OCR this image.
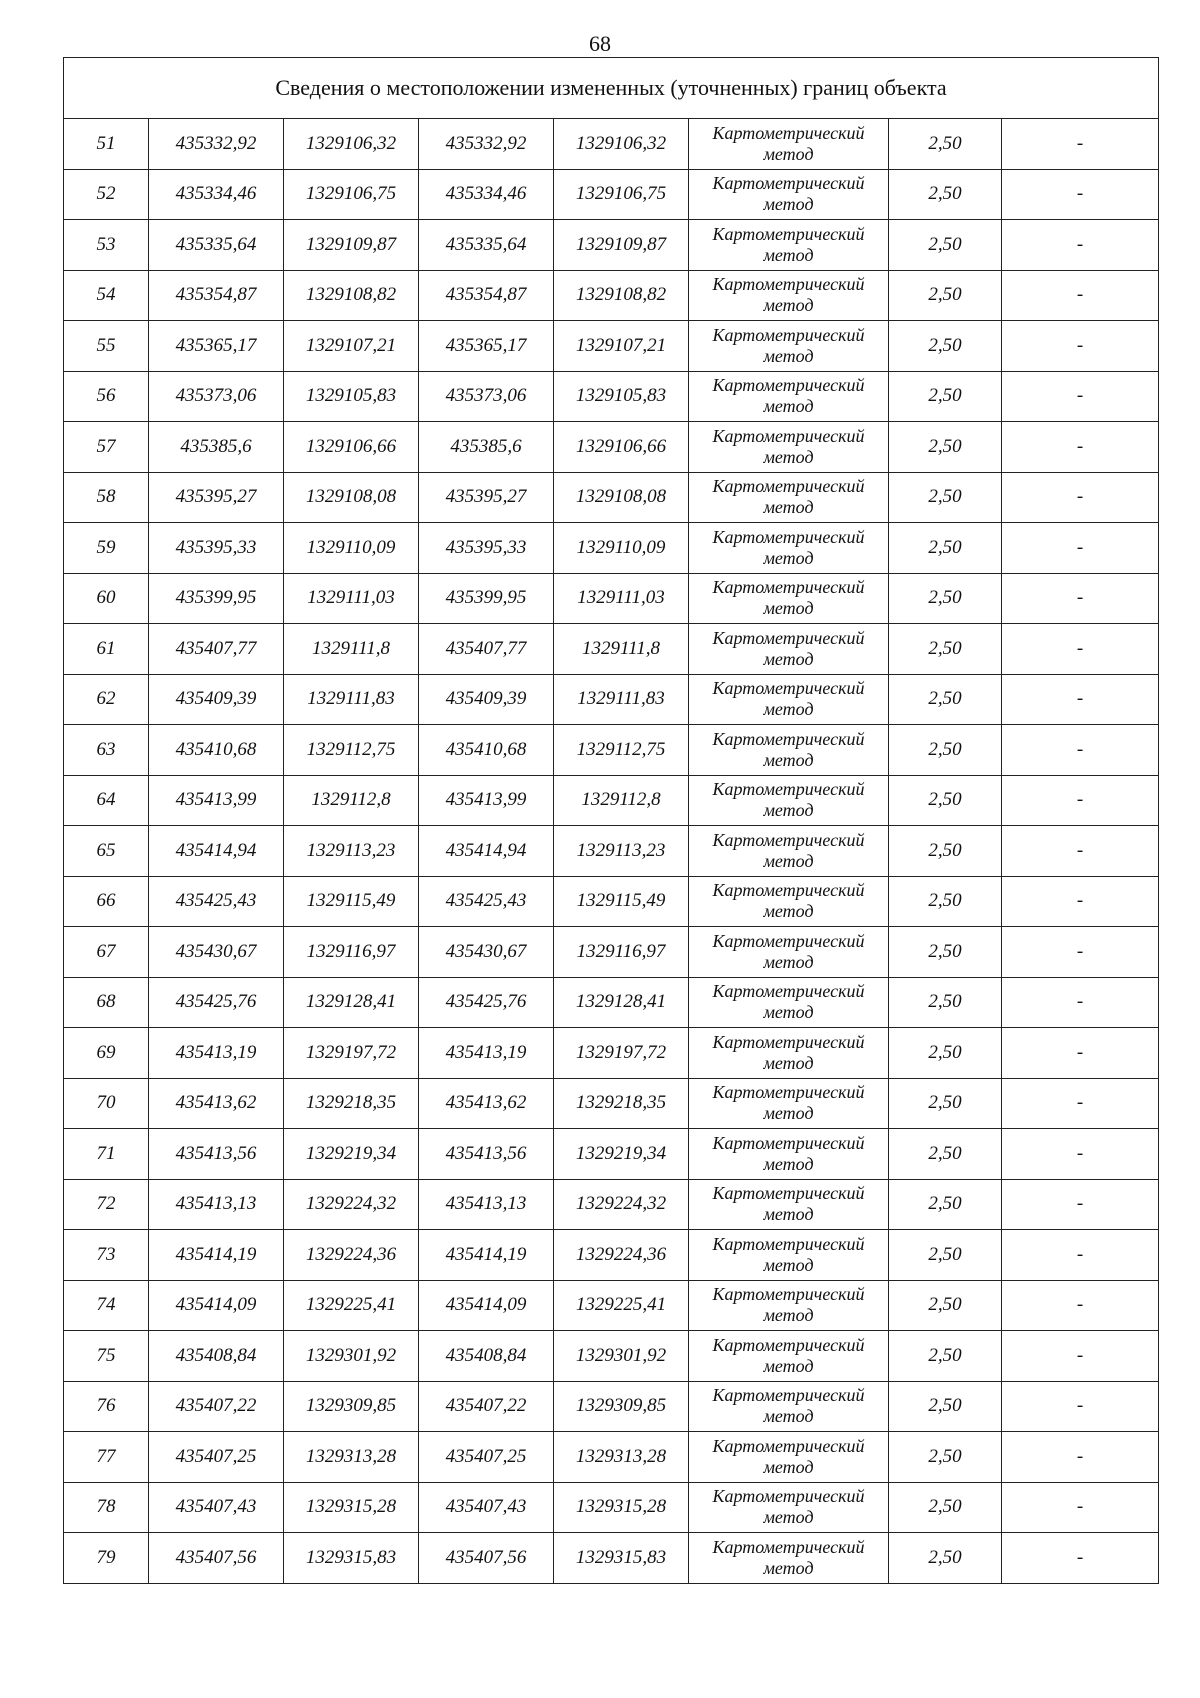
68
Сведения о местоположении измененных (уточненных) границ объекта							
51	435332,92	1329106,32	435332,92	1329106,32	Картометрический метод	2,50	-
52	435334,46	1329106,75	435334,46	1329106,75	Картометрический метод	2,50	-
53	435335,64	1329109,87	435335,64	1329109,87	Картометрический метод	2,50	-
54	435354,87	1329108,82	435354,87	1329108,82	Картометрический метод	2,50	-
55	435365,17	1329107,21	435365,17	1329107,21	Картометрический метод	2,50	-
56	435373,06	1329105,83	435373,06	1329105,83	Картометрический метод	2,50	-
57	435385,6	1329106,66	435385,6	1329106,66	Картометрический метод	2,50	-
58	435395,27	1329108,08	435395,27	1329108,08	Картометрический метод	2,50	-
59	435395,33	1329110,09	435395,33	1329110,09	Картометрический метод	2,50	-
60	435399,95	1329111,03	435399,95	1329111,03	Картометрический метод	2,50	-
61	435407,77	1329111,8	435407,77	1329111,8	Картометрический метод	2,50	-
62	435409,39	1329111,83	435409,39	1329111,83	Картометрический метод	2,50	-
63	435410,68	1329112,75	435410,68	1329112,75	Картометрический метод	2,50	-
64	435413,99	1329112,8	435413,99	1329112,8	Картометрический метод	2,50	-
65	435414,94	1329113,23	435414,94	1329113,23	Картометрический метод	2,50	-
66	435425,43	1329115,49	435425,43	1329115,49	Картометрический метод	2,50	-
67	435430,67	1329116,97	435430,67	1329116,97	Картометрический метод	2,50	-
68	435425,76	1329128,41	435425,76	1329128,41	Картометрический метод	2,50	-
69	435413,19	1329197,72	435413,19	1329197,72	Картометрический метод	2,50	-
70	435413,62	1329218,35	435413,62	1329218,35	Картометрический метод	2,50	-
71	435413,56	1329219,34	435413,56	1329219,34	Картометрический метод	2,50	-
72	435413,13	1329224,32	435413,13	1329224,32	Картометрический метод	2,50	-
73	435414,19	1329224,36	435414,19	1329224,36	Картометрический метод	2,50	-
74	435414,09	1329225,41	435414,09	1329225,41	Картометрический метод	2,50	-
75	435408,84	1329301,92	435408,84	1329301,92	Картометрический метод	2,50	-
76	435407,22	1329309,85	435407,22	1329309,85	Картометрический метод	2,50	-
77	435407,25	1329313,28	435407,25	1329313,28	Картометрический метод	2,50	-
78	435407,43	1329315,28	435407,43	1329315,28	Картометрический метод	2,50	-
79	435407,56	1329315,83	435407,56	1329315,83	Картометрический метод	2,50	-
